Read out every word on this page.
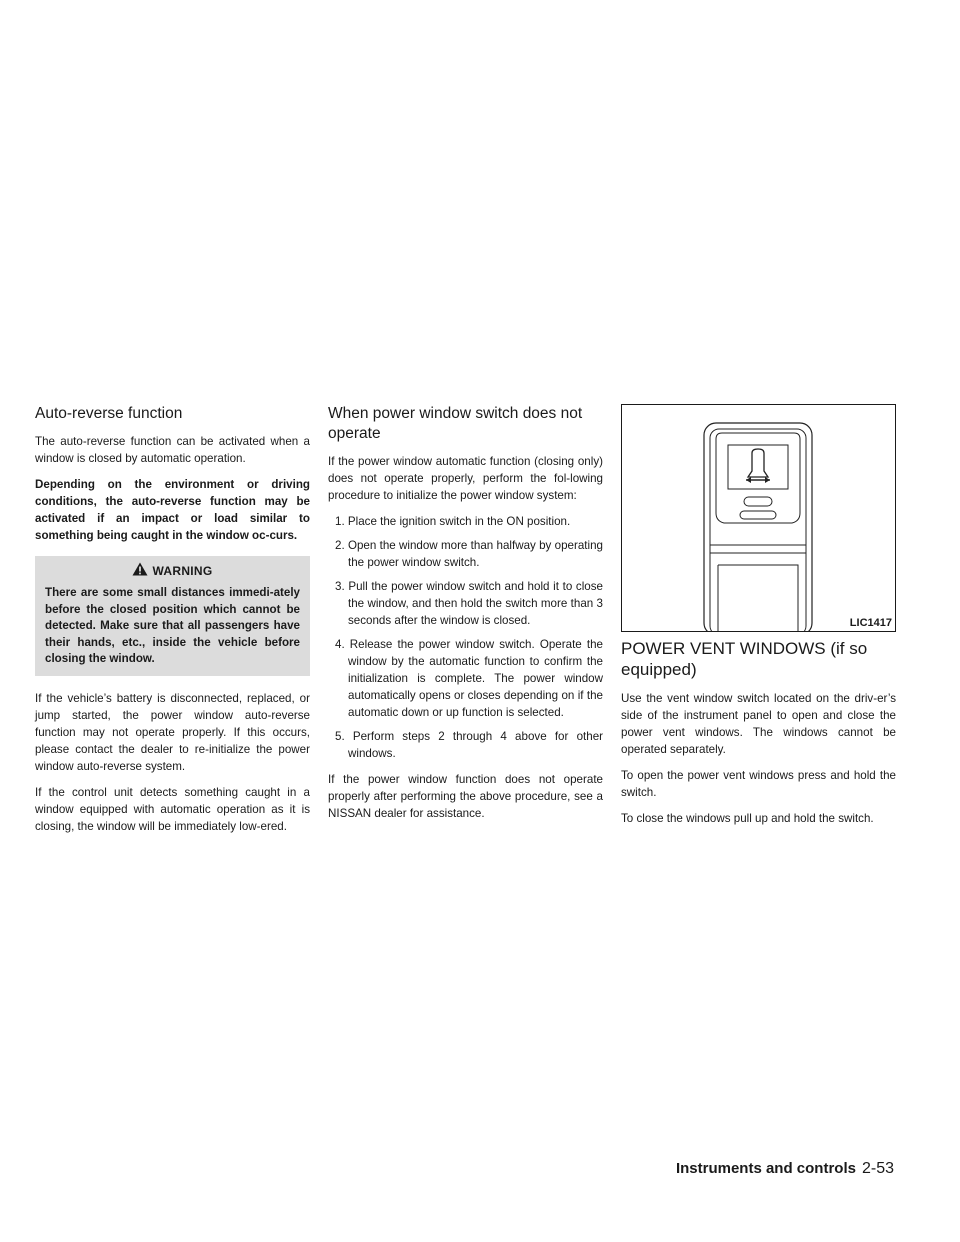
Auto-reverse function

The auto-reverse function can be activated when a window is closed by automatic operation.

Depending on the environment or driving conditions, the auto-reverse function may be activated if an impact or load similar to something being caught in the window oc-curs.

WARNING

There are some small distances immedi-ately before the closed position which cannot be detected. Make sure that all passengers have their hands, etc., inside the vehicle before closing the window.

If the vehicle’s battery is disconnected, replaced, or jump started, the power window auto-reverse function may not operate properly. If this occurs, please contact the dealer to re-initialize the power window auto-reverse system.

If the control unit detects something caught in a window equipped with automatic operation as it is closing, the window will be immediately low-ered.

When power window switch does not operate

If the power window automatic function (closing only) does not operate properly, perform the fol-lowing procedure to initialize the power window system:

1. Place the ignition switch in the ON position.
2. Open the window more than halfway by operating the power window switch.
3. Pull the power window switch and hold it to close the window, and then hold the switch more than 3 seconds after the window is closed.
4. Release the power window switch. Operate the window by the automatic function to confirm the initialization is complete. The power window automatically opens or closes depending on if the automatic down or up function is selected.
5. Perform steps 2 through 4 above for other windows.

If the power window function does not operate properly after performing the above procedure, see a NISSAN dealer for assistance.

LIC1417
POWER VENT WINDOWS (if so equipped)

Use the vent window switch located on the driv-er’s side of the instrument panel to open and close the power vent windows. The windows cannot be operated separately.

To open the power vent windows press and hold the switch.

To close the windows pull up and hold the switch.

Instruments and controls 2-53
